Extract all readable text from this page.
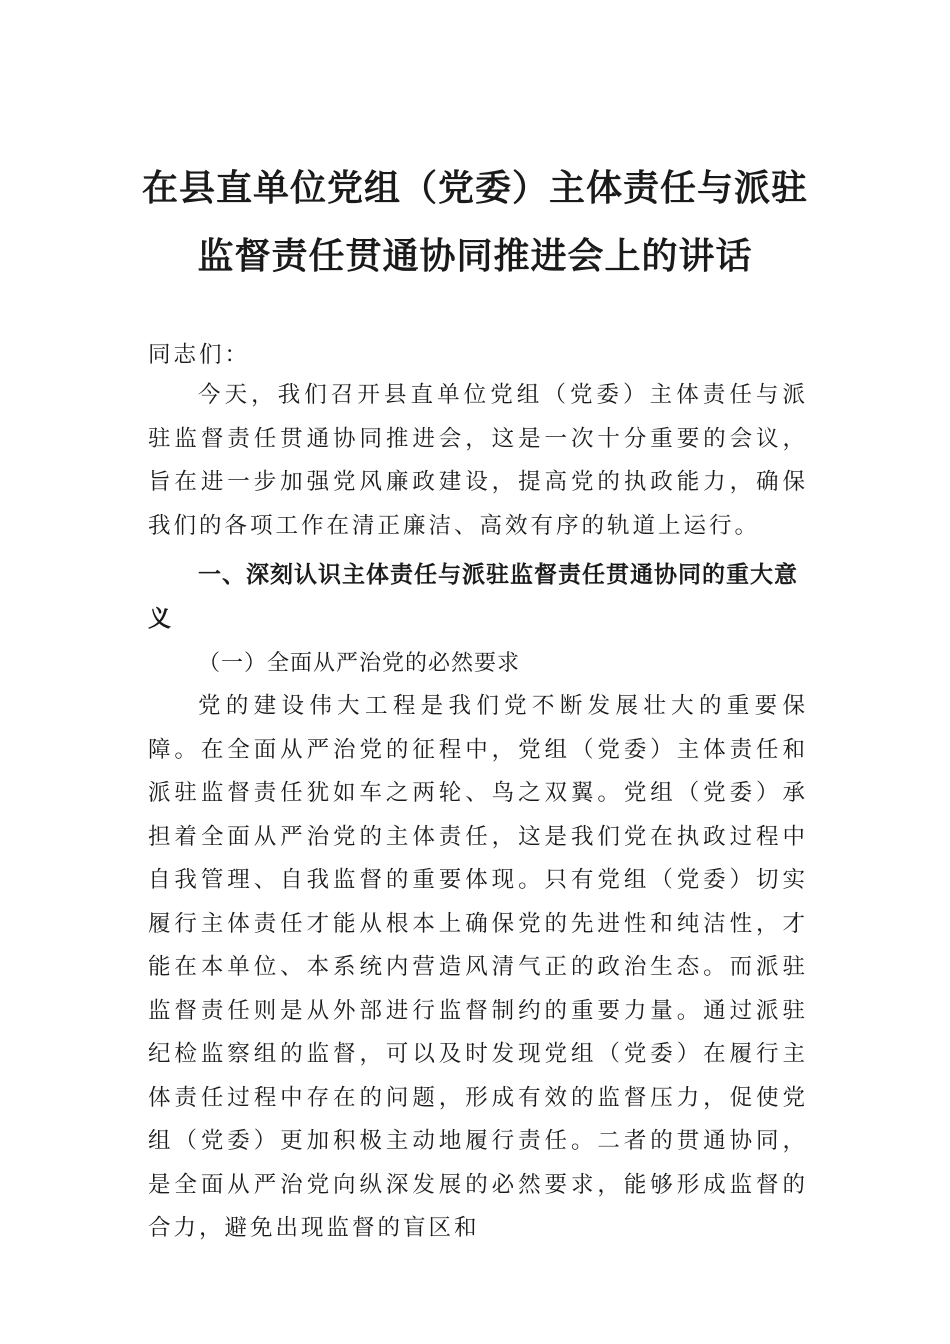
在县直单位党组（党委）主体责任与派驻
监督责任贯通协同推进会上的讲话
同志们：
今天，我们召开县直单位党组（党委）主体责任与派驻监督责任贯通协同推进会，这是一次十分重要的会议，旨在进一步加强党风廉政建设，提高党的执政能力，确保我们的各项工作在清正廉洁、高效有序的轨道上运行。
一、深刻认识主体责任与派驻监督责任贯通协同的重大意义
（一）全面从严治党的必然要求
党的建设伟大工程是我们党不断发展壮大的重要保障。在全面从严治党的征程中，党组（党委）主体责任和派驻监督责任犹如车之两轮、鸟之双翼。党组（党委）承担着全面从严治党的主体责任，这是我们党在执政过程中自我管理、自我监督的重要体现。只有党组（党委）切实履行主体责任才能从根本上确保党的先进性和纯洁性，才能在本单位、本系统内营造风清气正的政治生态。而派驻监督责任则是从外部进行监督制约的重要力量。通过派驻纪检监察组的监督，可以及时发现党组（党委）在履行主体责任过程中存在的问题，形成有效的监督压力，促使党组（党委）更加积极主动地履行责任。二者的贯通协同，是全面从严治党向纵深发展的必然要求，能够形成监督的合力，避免出现监督的盲区和
